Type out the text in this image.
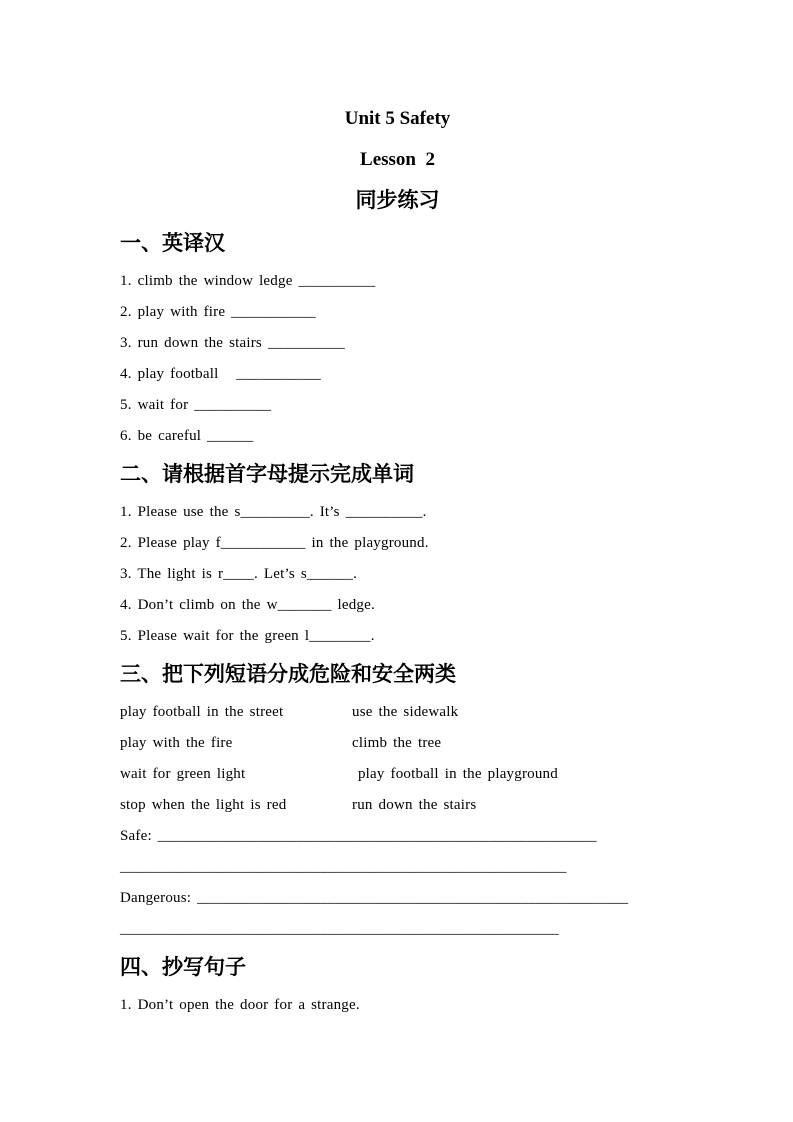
Unit 5 Safety
Lesson  2
同步练习
一、英译汉
1. climb the window ledge __________
2. play with fire ___________
3. run down the stairs __________
4. play football   ___________
5. wait for __________
6. be careful ______
二、请根据首字母提示完成单词
1. Please use the s_________. It’s __________.
2. Please play f___________ in the playground.
3. The light is r____. Let’s s______.
4. Don’t climb on the w_______ ledge.
5. Please wait for the green l________.
三、把下列短语分成危险和安全两类
play football in the street	use the sidewalk
play with the fire	climb the tree
wait for green light	play football in the playground
stop when the light is red	run down the stairs
Safe: _________________________________________________________
__________________________________________________________
Dangerous: ________________________________________________________
_________________________________________________________
四、抄写句子
1. Don’t open the door for a strange.
